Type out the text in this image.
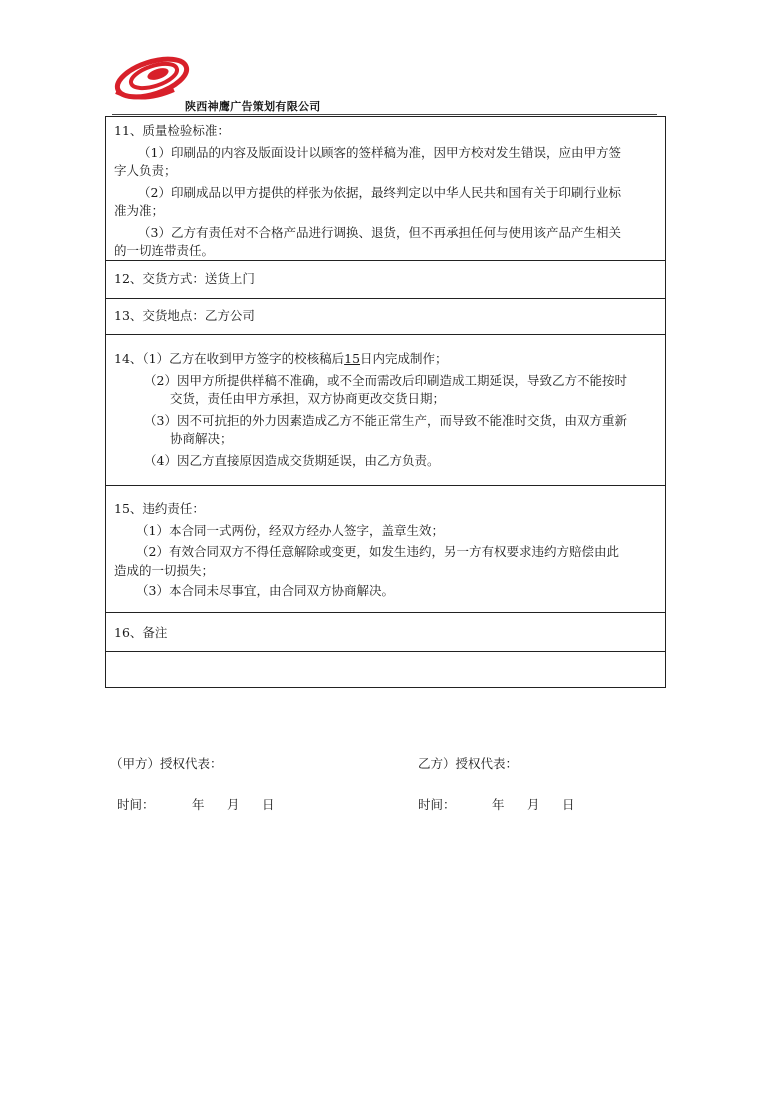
陕西神鹰广告策划有限公司
11、质量检验标准：
（1）印刷品的内容及版面设计以顾客的签样稿为准，因甲方校对发生错误，应由甲方签
字人负责；
（2）印刷成品以甲方提供的样张为依据，最终判定以中华人民共和国有关于印刷行业标
准为准；
（3）乙方有责任对不合格产品进行调换、退货，但不再承担任何与使用该产品产生相关
的一切连带责任。
12、交货方式：送货上门
13、交货地点：乙方公司
14、（1）乙方在收到甲方签字的校核稿后15日内完成制作；
（2）因甲方所提供样稿不准确，或不全而需改后印刷造成工期延误，导致乙方不能按时
交货，责任由甲方承担，双方协商更改交货日期；
（3）因不可抗拒的外力因素造成乙方不能正常生产，而导致不能准时交货，由双方重新
协商解决；
（4）因乙方直接原因造成交货期延误，由乙方负责。
15、违约责任：
（1）本合同一式两份，经双方经办人签字，盖章生效；
（2）有效合同双方不得任意解除或变更，如发生违约，另一方有权要求违约方赔偿由此
造成的一切损失；
（3）本合同未尽事宜，由合同双方协商解决。
16、备注
（甲方）授权代表：	乙方）授权代表：
时间：	年 月 日	时间：	年 月 日
